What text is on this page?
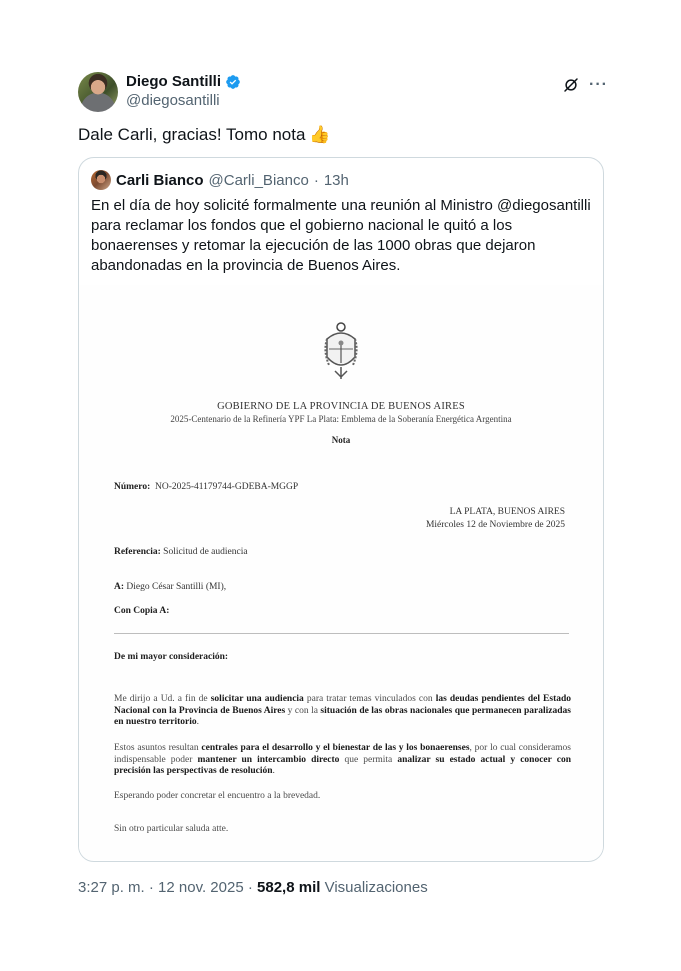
Diego Santilli
@diegosantilli
···
Dale Carli, gracias! Tomo nota 👍
Carli Bianco @Carli_Bianco · 13h
En el día de hoy solicité formalmente una reunión al Ministro @diegosantilli para reclamar los fondos que el gobierno nacional le quitó a los bonaerenses y retomar la ejecución de las 1000 obras que dejaron abandonadas en la provincia de Buenos Aires.
GOBIERNO DE LA PROVINCIA DE BUENOS AIRES
2025-Centenario de la Refinería YPF La Plata: Emblema de la Soberanía Energética Argentina
Nota
Número: NO-2025-41179744-GDEBA-MGGP
LA PLATA, BUENOS AIRES
Miércoles 12 de Noviembre de 2025
Referencia: Solicitud de audiencia
A: Diego César Santilli (MI),
Con Copia A:
De mi mayor consideración:
Me dirijo a Ud. a fin de solicitar una audiencia para tratar temas vinculados con las deudas pendientes del Estado Nacional con la Provincia de Buenos Aires y con la situación de las obras nacionales que permanecen paralizadas en nuestro territorio.
Estos asuntos resultan centrales para el desarrollo y el bienestar de las y los bonaerenses, por lo cual consideramos indispensable poder mantener un intercambio directo que permita analizar su estado actual y conocer con precisión las perspectivas de resolución.
Esperando poder concretar el encuentro a la brevedad.
Sin otro particular saluda atte.
3:27 p. m. · 12 nov. 2025 · 582,8 mil Visualizaciones
